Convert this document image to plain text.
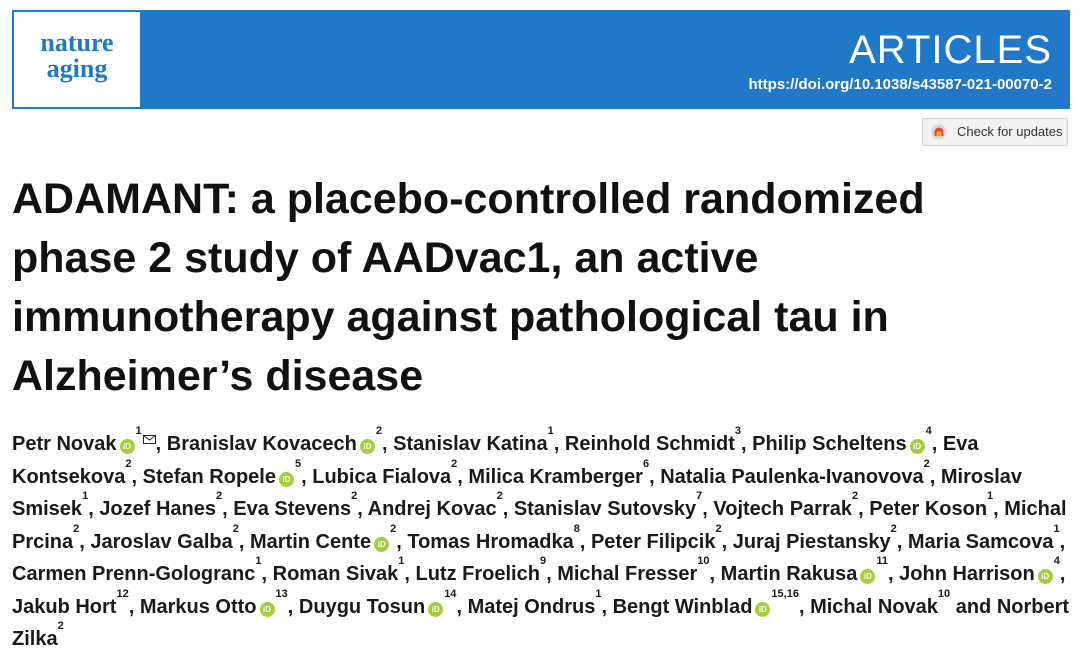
nature
aging	ARTICLES
https://doi.org/10.1038/s43587-021-00070-2
Check for updates
ADAMANT: a placebo-controlled randomized
phase 2 study of AADvac1, an active
immunotherapy against pathological tau in
Alzheimer’s disease

Petr Novak $iD^1$, Branislav Kovacech $iD^2$, Stanislav Katina$^1$, Reinhold Schmidt$^3$, Philip Scheltens $iD^4$, Eva Kontsekova$^2$, Stefan Ropele $iD^5$, Lubica Fialova$^2$, Milica Kramberger$^6$, Natalia Paulenka-Ivanovova$^2$, Miroslav Smisek$^1$, Jozef Hanes$^2$, Eva Stevens$^2$, Andrej Kovac$^2$, Stanislav Sutovsky$^7$, Vojtech Parrak$^2$, Peter Koson$^1$, Michal Prcina$^2$, Jaroslav Galba$^2$, Martin Cente $iD^2$, Tomas Hromadka$^8$, Peter Filipcik$^2$, Juraj Piestansky$^2$, Maria Samcova$^1$, Carmen Prenn-Gologranc$^1$, Roman Sivak$^1$, Lutz Froelich$^9$, Michal Fresser$^{10}$, Martin Rakusa $iD^{11}$, John Harrison $iD^4$, Jakub Hort$^{12}$, Markus Otto $iD^{13}$, Duygu Tosun $iD^{14}$, Matej Ondrus$^1$, Bengt Winblad iD$^{15,16}$, Michal Novak$^{10}$ and Norbert Zilka$^2$
